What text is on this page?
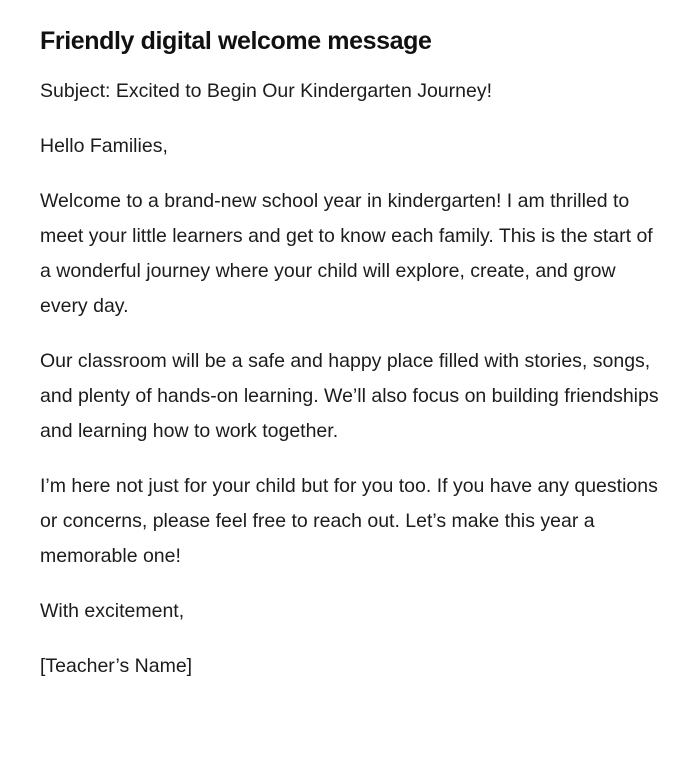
Friendly digital welcome message

Subject: Excited to Begin Our Kindergarten Journey!

Hello Families,

Welcome to a brand-new school year in kindergarten! I am thrilled to meet your little learners and get to know each family. This is the start of a wonderful journey where your child will explore, create, and grow every day.

Our classroom will be a safe and happy place filled with stories, songs, and plenty of hands-on learning. We’ll also focus on building friendships and learning how to work together.

I’m here not just for your child but for you too. If you have any questions or concerns, please feel free to reach out. Let’s make this year a memorable one!

With excitement,

[Teacher’s Name]
